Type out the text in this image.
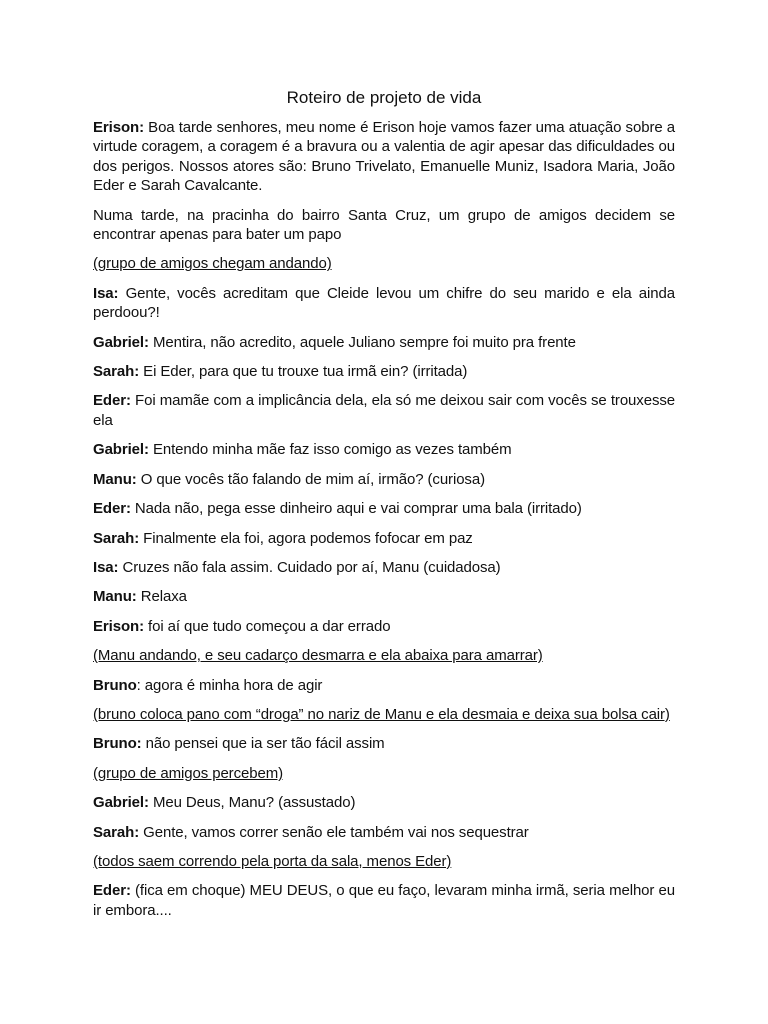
Roteiro de projeto de vida

Erison: Boa tarde senhores, meu nome é Erison hoje vamos fazer uma atuação sobre a virtude coragem, a coragem é a bravura ou a valentia de agir apesar das dificuldades ou dos perigos. Nossos atores são: Bruno Trivelato, Emanuelle Muniz, Isadora Maria, João Eder e Sarah Cavalcante.

Numa tarde, na pracinha do bairro Santa Cruz, um grupo de amigos decidem se encontrar apenas para bater um papo

(grupo de amigos chegam andando)

Isa: Gente, vocês acreditam que Cleide levou um chifre do seu marido e ela ainda perdoou?!

Gabriel: Mentira, não acredito, aquele Juliano sempre foi muito pra frente

Sarah: Ei Eder, para que tu trouxe tua irmã ein? (irritada)

Eder: Foi mamãe com a implicância dela, ela só me deixou sair com vocês se trouxesse ela

Gabriel: Entendo minha mãe faz isso comigo as vezes também

Manu: O que vocês tão falando de mim aí, irmão? (curiosa)

Eder: Nada não, pega esse dinheiro aqui e vai comprar uma bala (irritado)

Sarah: Finalmente ela foi, agora podemos fofocar em paz

Isa: Cruzes não fala assim. Cuidado por aí, Manu (cuidadosa)

Manu: Relaxa

Erison: foi aí que tudo começou a dar errado

(Manu andando, e seu cadarço desmarra e ela abaixa para amarrar)

Bruno: agora é minha hora de agir

(bruno coloca pano com “droga” no nariz de Manu e ela desmaia e deixa sua bolsa cair)

Bruno: não pensei que ia ser tão fácil assim

(grupo de amigos percebem)

Gabriel: Meu Deus, Manu? (assustado)

Sarah: Gente, vamos correr senão ele também vai nos sequestrar

(todos saem correndo pela porta da sala, menos Eder)

Eder: (fica em choque) MEU DEUS, o que eu faço, levaram minha irmã, seria melhor eu ir embora....
